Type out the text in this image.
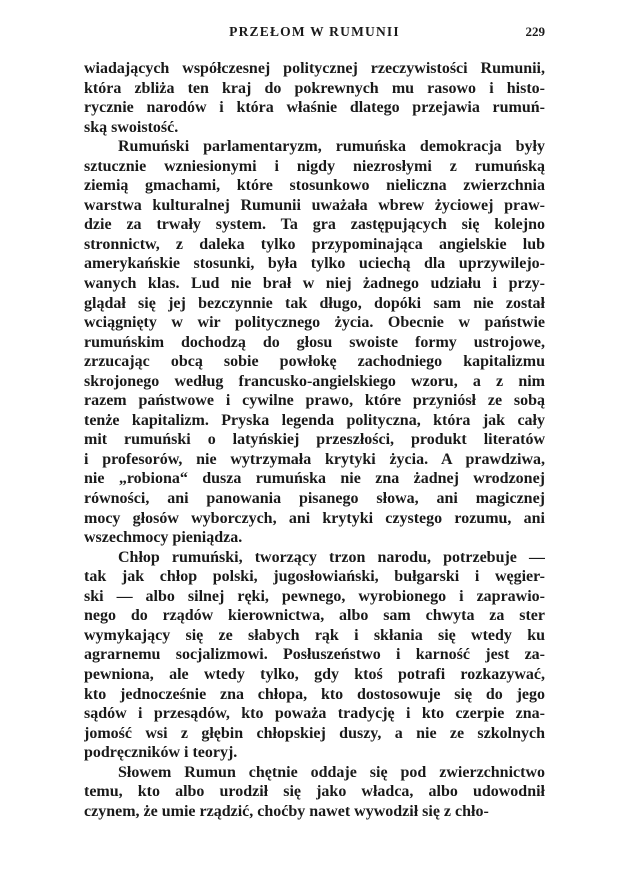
PRZEŁOM W RUMUNII	229
wiadających współczesnej politycznej rzeczywistości Rumunii,
która zbliża ten kraj do pokrewnych mu rasowo i histo-
rycznie narodów i która właśnie dlatego przejawia rumuń-
ską swoistość.
Rumuński parlamentaryzm, rumuńska demokracja były
sztucznie wzniesionymi i nigdy niezrosłymi z rumuńską
ziemią gmachami, które stosunkowo nieliczna zwierzchnia
warstwa kulturalnej Rumunii uważała wbrew życiowej praw-
dzie za trwały system. Ta gra zastępujących się kolejno
stronnictw, z daleka tylko przypominająca angielskie lub
amerykańskie stosunki, była tylko uciechą dla uprzywilejo-
wanych klas. Lud nie brał w niej żadnego udziału i przy-
glądał się jej bezczynnie tak długo, dopóki sam nie został
wciągnięty w wir politycznego życia. Obecnie w państwie
rumuńskim dochodzą do głosu swoiste formy ustrojowe,
zrzucając obcą sobie powłokę zachodniego kapitalizmu
skrojonego według francusko-angielskiego wzoru, a z nim
razem państwowe i cywilne prawo, które przyniósł ze sobą
tenże kapitalizm. Pryska legenda polityczna, która jak cały
mit rumuński o latyńskiej przeszłości, produkt literatów
i profesorów, nie wytrzymała krytyki życia. A prawdziwa,
nie „robiona“ dusza rumuńska nie zna żadnej wrodzonej
równości, ani panowania pisanego słowa, ani magicznej
mocy głosów wyborczych, ani krytyki czystego rozumu, ani
wszechmocy pieniądza.
Chłop rumuński, tworzący trzon narodu, potrzebuje —
tak jak chłop polski, jugosłowiański, bułgarski i węgier-
ski — albo silnej ręki, pewnego, wyrobionego i zaprawio-
nego do rządów kierownictwa, albo sam chwyta za ster
wymykający się ze słabych rąk i skłania się wtedy ku
agrarnemu socjalizmowi. Posłuszeństwo i karność jest za-
pewniona, ale wtedy tylko, gdy ktoś potrafi rozkazywać,
kto jednocześnie zna chłopa, kto dostosowuje się do jego
sądów i przesądów, kto poważa tradycję i kto czerpie zna-
jomość wsi z głębin chłopskiej duszy, a nie ze szkolnych
podręczników i teoryj.
Słowem Rumun chętnie oddaje się pod zwierzchnictwo
temu, kto albo urodził się jako władca, albo udowodnił
czynem, że umie rządzić, choćby nawet wywodził się z chło-
